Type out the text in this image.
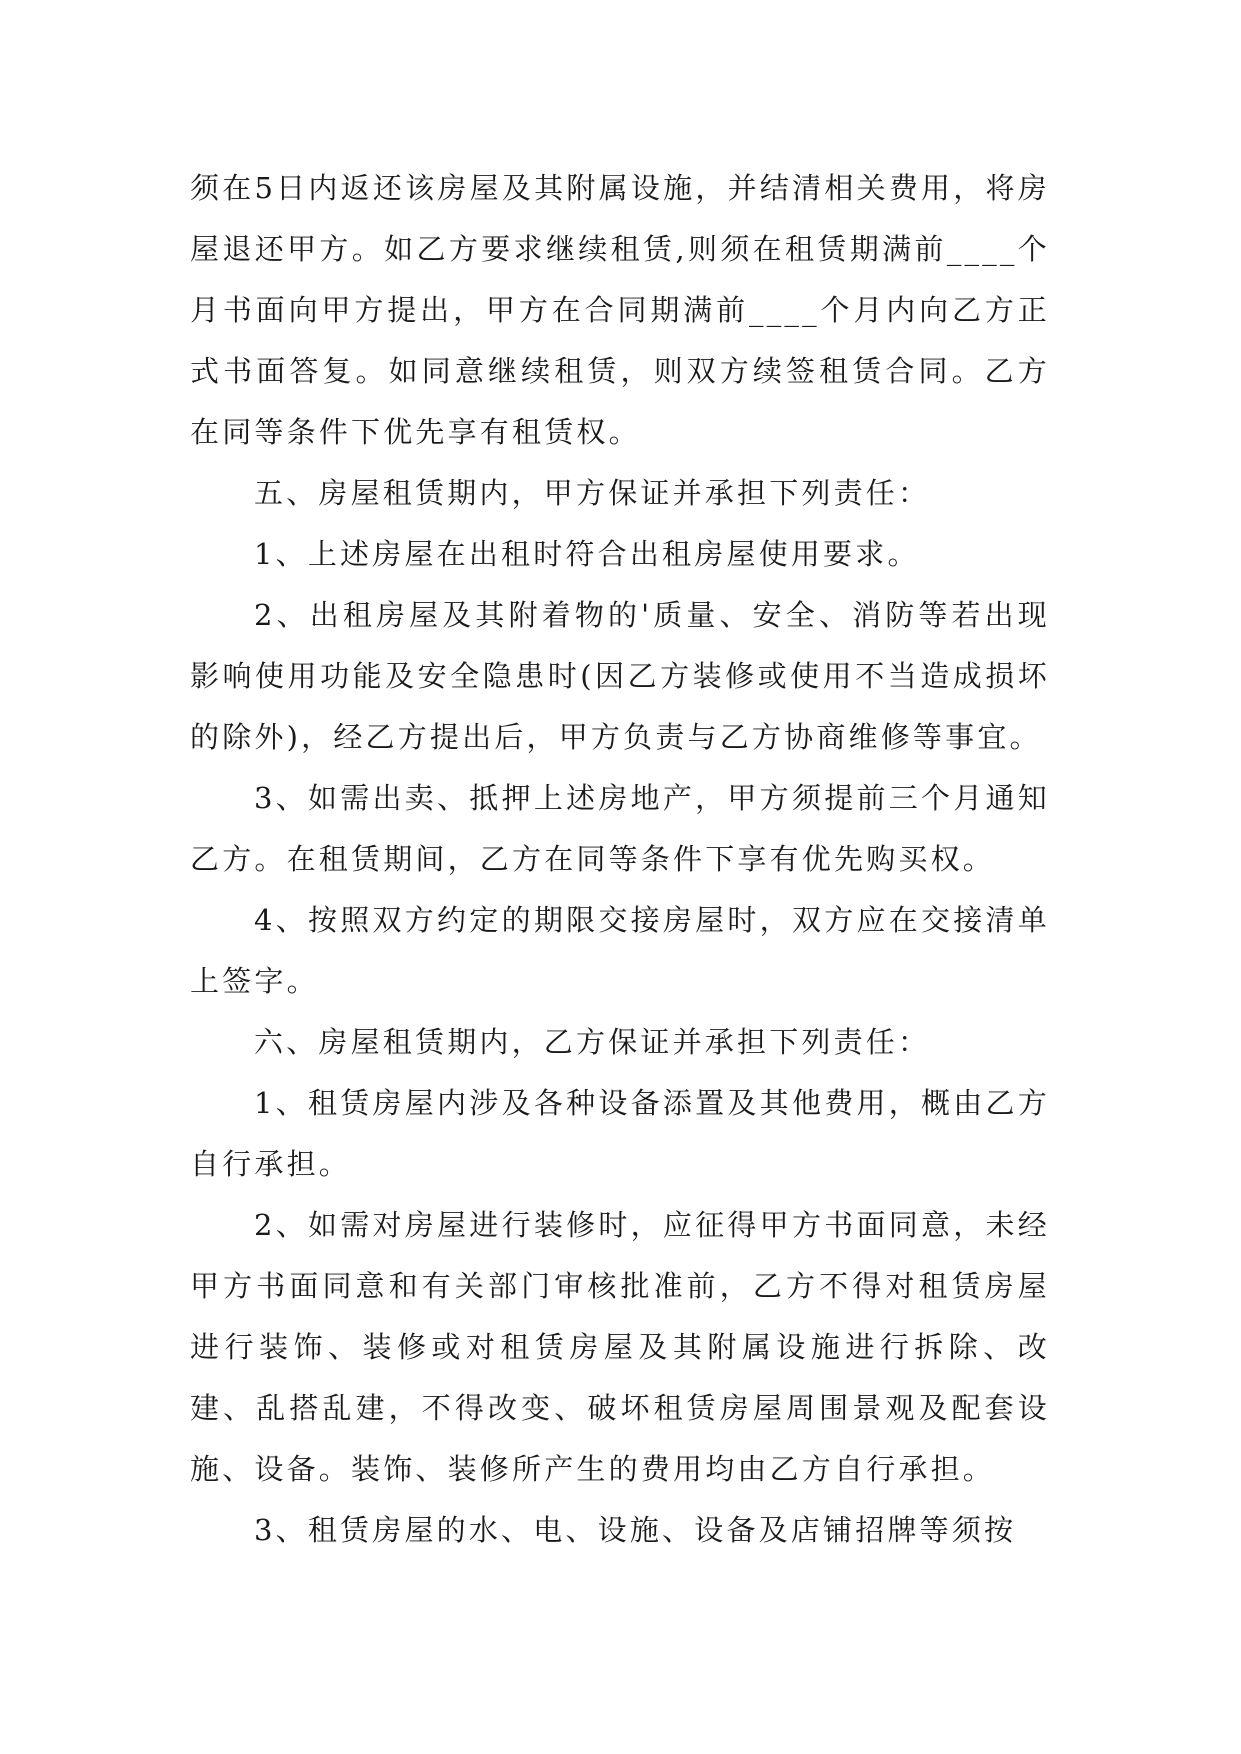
须在5日内返还该房屋及其附属设施，并结清相关费用，将房屋退还甲方。如乙方要求继续租赁,则须在租赁期满前____个月书面向甲方提出，甲方在合同期满前____个月内向乙方正式书面答复。如同意继续租赁，则双方续签租赁合同。乙方在同等条件下优先享有租赁权。

五、房屋租赁期内，甲方保证并承担下列责任：

1、上述房屋在出租时符合出租房屋使用要求。

2、出租房屋及其附着物的'质量、安全、消防等若出现影响使用功能及安全隐患时(因乙方装修或使用不当造成损坏的除外)，经乙方提出后，甲方负责与乙方协商维修等事宜。

3、如需出卖、抵押上述房地产，甲方须提前三个月通知乙方。在租赁期间，乙方在同等条件下享有优先购买权。

4、按照双方约定的期限交接房屋时，双方应在交接清单上签字。

六、房屋租赁期内，乙方保证并承担下列责任：

1、租赁房屋内涉及各种设备添置及其他费用，概由乙方自行承担。

2、如需对房屋进行装修时，应征得甲方书面同意，未经甲方书面同意和有关部门审核批准前，乙方不得对租赁房屋进行装饰、装修或对租赁房屋及其附属设施进行拆除、改建、乱搭乱建，不得改变、破坏租赁房屋周围景观及配套设施、设备。装饰、装修所产生的费用均由乙方自行承担。

3、租赁房屋的水、电、设施、设备及店铺招牌等须按
